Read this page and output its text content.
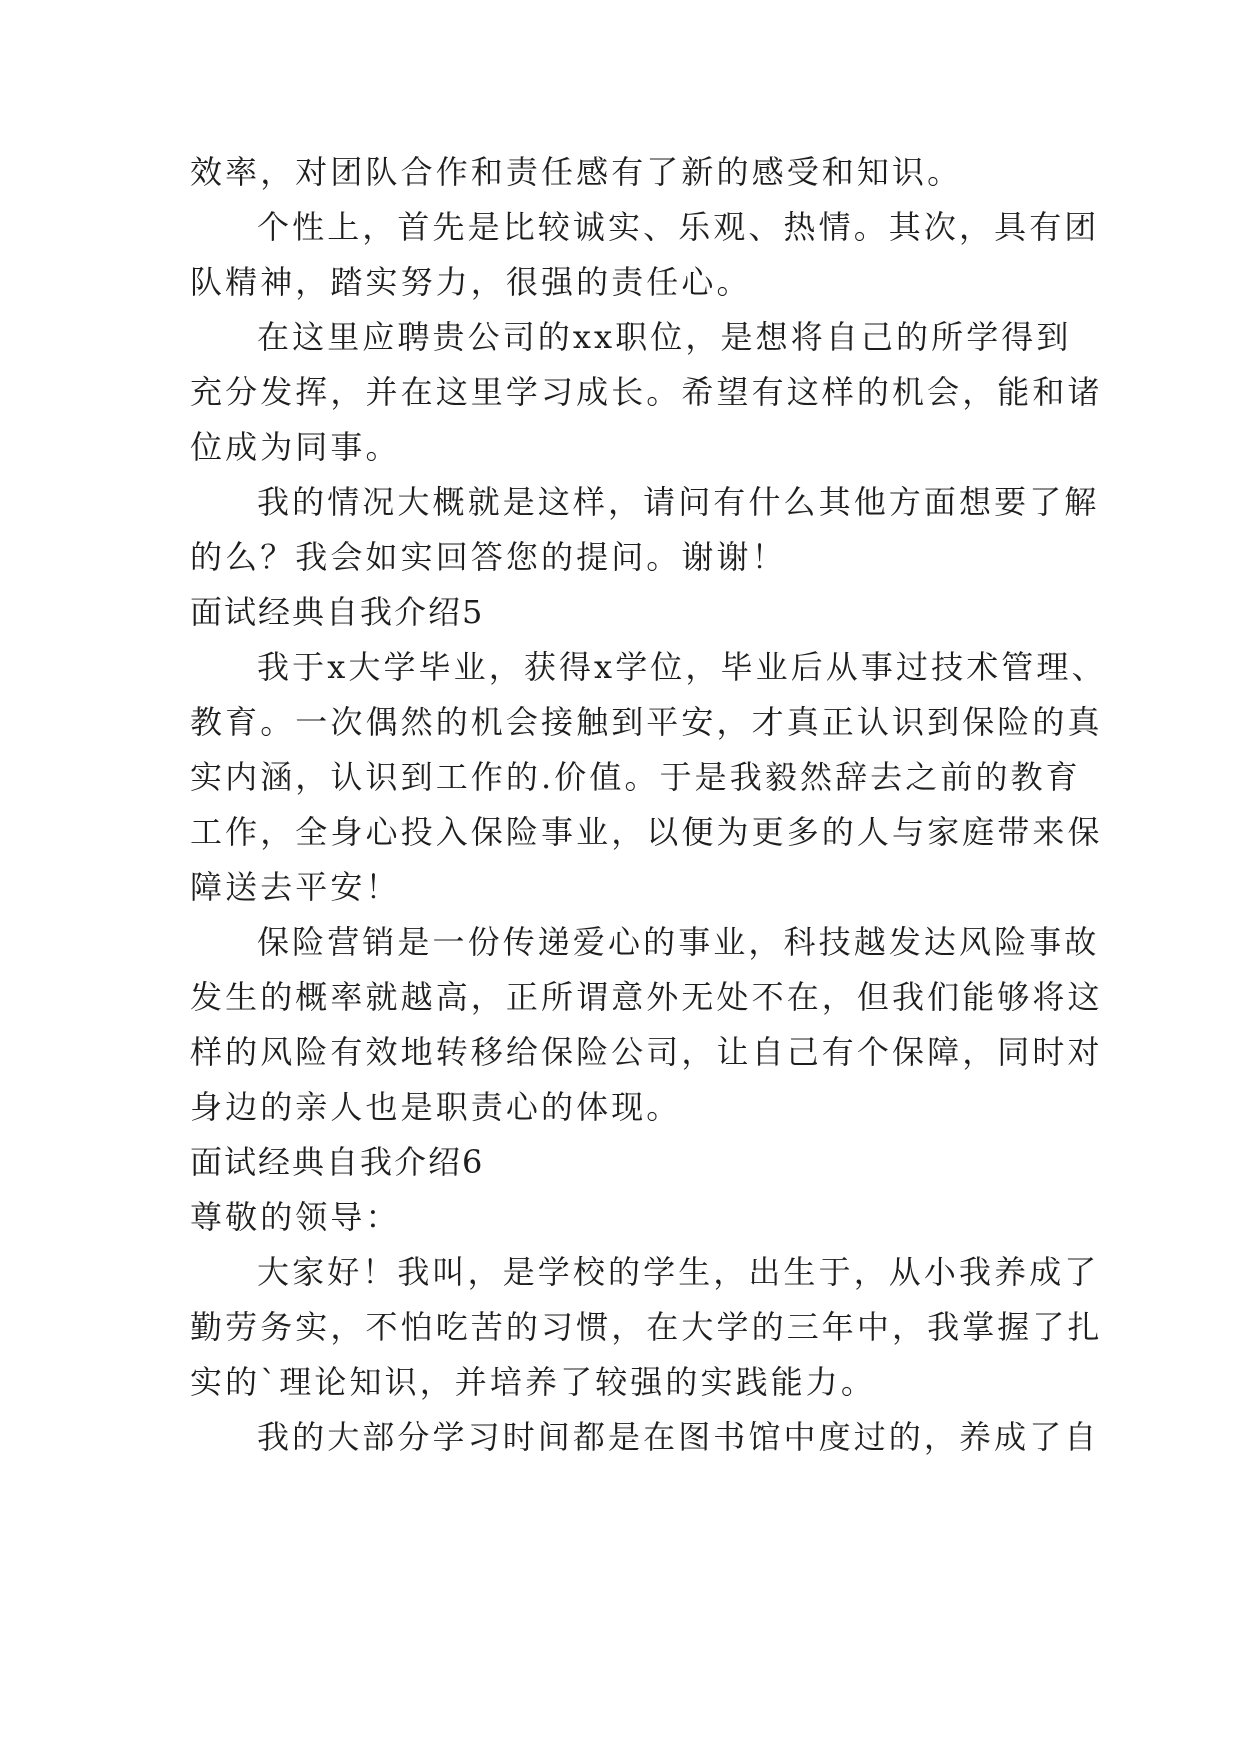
效率，对团队合作和责任感有了新的感受和知识。
个性上，首先是比较诚实、乐观、热情。其次，具有团
队精神，踏实努力，很强的责任心。
在这里应聘贵公司的xx职位，是想将自己的所学得到
充分发挥，并在这里学习成长。希望有这样的机会，能和诸
位成为同事。
我的情况大概就是这样，请问有什么其他方面想要了解
的么？我会如实回答您的提问。谢谢！
面试经典自我介绍5
我于x大学毕业，获得x学位，毕业后从事过技术管理、
教育。一次偶然的机会接触到平安，才真正认识到保险的真
实内涵，认识到工作的.价值。于是我毅然辞去之前的教育
工作，全身心投入保险事业，以便为更多的人与家庭带来保
障送去平安！
保险营销是一份传递爱心的事业，科技越发达风险事故
发生的概率就越高，正所谓意外无处不在，但我们能够将这
样的风险有效地转移给保险公司，让自己有个保障，同时对
身边的亲人也是职责心的体现。
面试经典自我介绍6
尊敬的领导：
大家好！我叫，是学校的学生，出生于，从小我养成了
勤劳务实，不怕吃苦的习惯，在大学的三年中，我掌握了扎
实的`理论知识，并培养了较强的实践能力。
我的大部分学习时间都是在图书馆中度过的，养成了自
